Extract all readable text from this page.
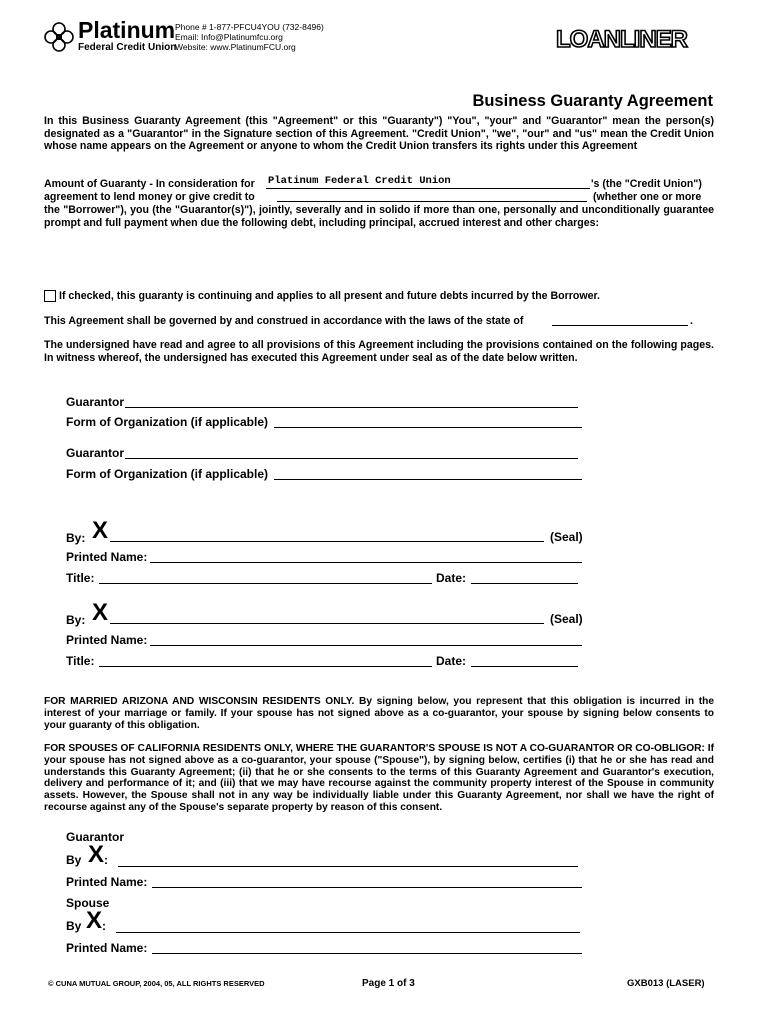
Platinum
Federal Credit Union
Phone # 1-877-PFCU4YOU (732-8496)
Email: Info@Platinumfcu.org
Website: www.PlatinumFCU.org	LOANLINER
Business Guaranty Agreement
In this Business Guaranty Agreement (this "Agreement" or this "Guaranty") "You", "your" and "Guarantor" mean the person(s) designated as a "Guarantor" in the Signature section of this Agreement. "Credit Union", "we", "our" and "us" mean the Credit Union whose name appears on the Agreement or anyone to whom the Credit Union transfers its rights under this Agreement
Amount of Guaranty - In consideration for Platinum Federal Credit Union	's (the "Credit Union")
agreement to lend money or give credit to	(whether one or more
the "Borrower"), you (the "Guarantor(s)"), jointly, severally and in solido if more than one, personally and unconditionally guarantee prompt and full payment when due the following debt, including principal, accrued interest and other charges:
If checked, this guaranty is continuing and applies to all present and future debts incurred by the Borrower.
This Agreement shall be governed by and construed in accordance with the laws of the state of	.
The undersigned have read and agree to all provisions of this Agreement including the provisions contained on the following pages. In witness whereof, the undersigned has executed this Agreement under seal as of the date below written.
Guarantor
Form of Organization (if applicable)
Guarantor
Form of Organization (if applicable)
By: X	(Seal)
Printed Name:
Title:	Date:
By: X	(Seal)
Printed Name:
Title:	Date:
FOR MARRIED ARIZONA AND WISCONSIN RESIDENTS ONLY. By signing below, you represent that this obligation is incurred in the interest of your marriage or family. If your spouse has not signed above as a co-guarantor, your spouse by signing below consents to your guaranty of this obligation.
FOR SPOUSES OF CALIFORNIA RESIDENTS ONLY, WHERE THE GUARANTOR'S SPOUSE IS NOT A CO-GUARANTOR OR CO-OBLIGOR: If your spouse has not signed above as a co-guarantor, your spouse ("Spouse"), by signing below, certifies (i) that he or she has read and understands this Guaranty Agreement; (ii) that he or she consents to the terms of this Guaranty Agreement and Guarantor's execution, delivery and performance of it; and (iii) that we may have recourse against the community property interest of the Spouse in community assets. However, the Spouse shall not in any way be individually liable under this Guaranty Agreement, nor shall we have the right of recourse against any of the Spouse's separate property by reason of this consent.
Guarantor
By X :
Printed Name:
Spouse
By X :
Printed Name:
© CUNA MUTUAL GROUP, 2004, 05, ALL RIGHTS RESERVED	Page 1 of 3	GXB013 (LASER)
